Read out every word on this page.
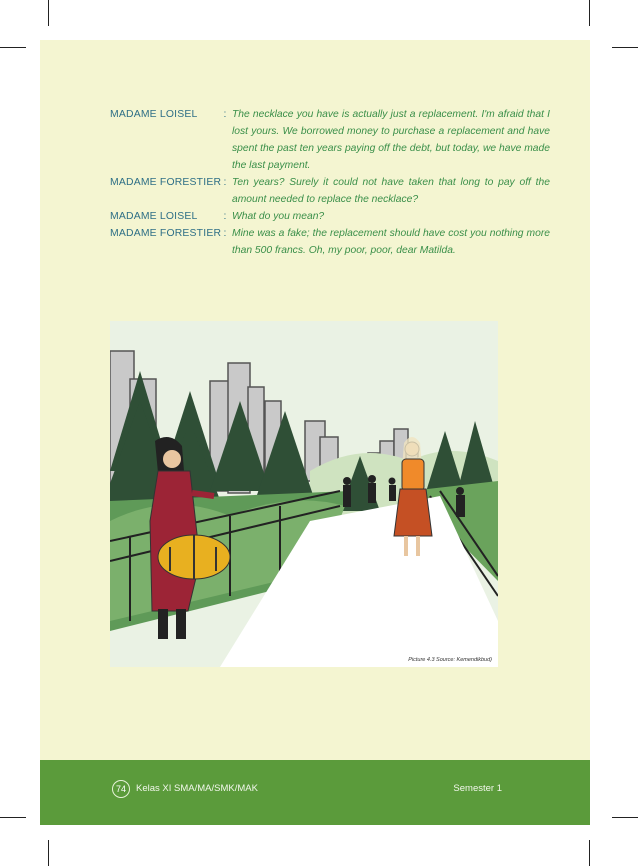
MADAME LOISEL	: The necklace you have is actually just a replacement. I'm afraid that I lost yours. We borrowed money to purchase a replacement and have spent the past ten years paying off the debt, but today, we have made the last payment.
MADAME FORESTIER : Ten years? Surely it could not have taken that long to pay off the amount needed to replace the necklace?
MADAME LOISEL	: What do you mean?
MADAME FORESTIER : Mine was a fake; the replacement should have cost you nothing more than 500 francs. Oh, my poor, poor, dear Matilda.
Picture 4.3 Source: Kemendikbud)
74	Kelas XI SMA/MA/SMK/MAK	Semester 1
